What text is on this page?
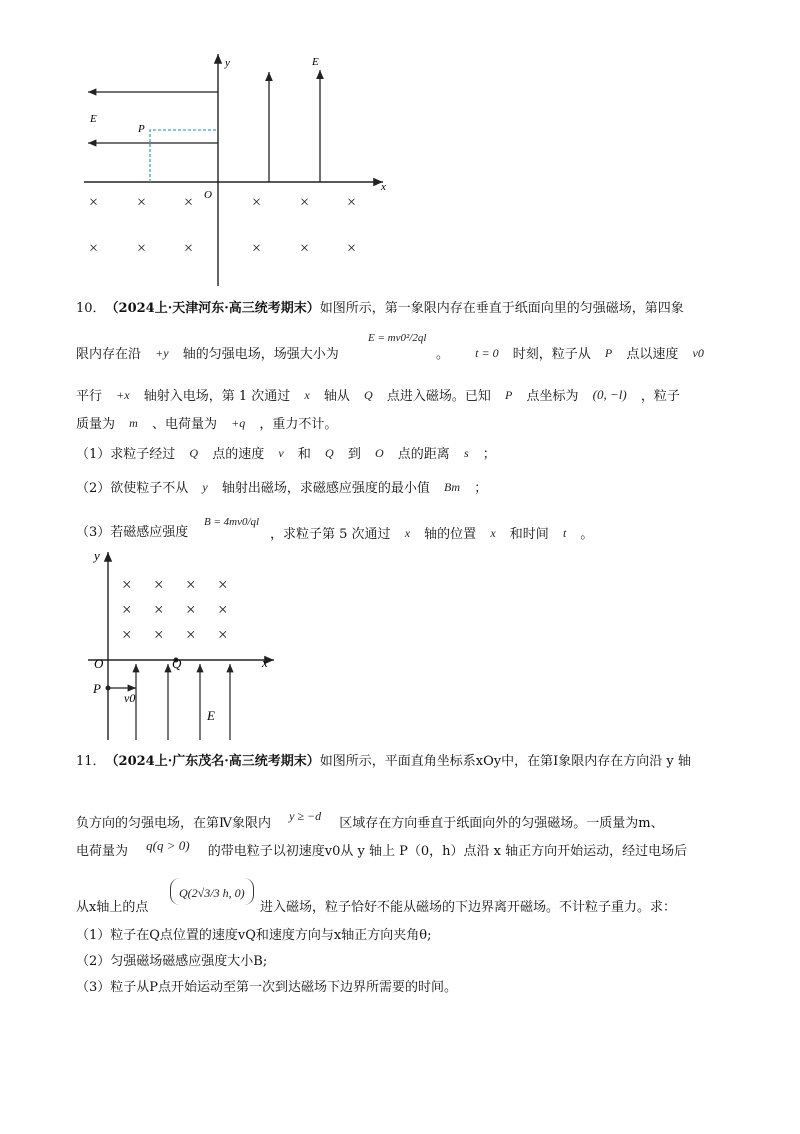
y
x
O
E
E
P
× × ×	× × ×
× × ×	× × ×
10．（2024上·天津河东·高三统考期末）如图所示，第一象限内存在垂直于纸面向里的匀强磁场，第四象
限内存在沿 +y 轴的匀强电场，场强大小为
E = mv0²/2ql
。 t = 0 时刻，粒子从 P 点以速度 v0
平行 +x 轴射入电场，第 1 次通过 x 轴从 Q 点进入磁场。已知 P 点坐标为 (0, −l) ，粒子
质量为 m 、电荷量为 +q ，重力不计。
（1）求粒子经过 Q 点的速度 v 和 Q 到 O 点的距离 s ；
（2）欲使粒子不从 y 轴射出磁场，求磁感应强度的最小值 Bm ；
（3）若磁感应强度
B = 4mv0/ql
，求粒子第 5 次通过 x 轴的位置 x 和时间 t 。
y
x
O	Q
P
v0
E
× × × ×
× × × ×
× × × ×
11．（2024上·广东茂名·高三统考期末）如图所示，平面直角坐标系xOy中，在第Ⅰ象限内存在方向沿 y 轴
负方向的匀强电场，在第Ⅳ象限内 y ≥ −d 区域存在方向垂直于纸面向外的匀强磁场。一质量为m、
电荷量为 q(q > 0) 的带电粒子以初速度v0从 y 轴上 P（0，h）点沿 x 轴正方向开始运动，经过电场后
从x轴上的点
Q(2√3/3 h, 0)
进入磁场，粒子恰好不能从磁场的下边界离开磁场。不计粒子重力。求：
（1）粒子在Q点位置的速度vQ和速度方向与x轴正方向夹角θ;
（2）匀强磁场磁感应强度大小B;
（3）粒子从P点开始运动至第一次到达磁场下边界所需要的时间。
